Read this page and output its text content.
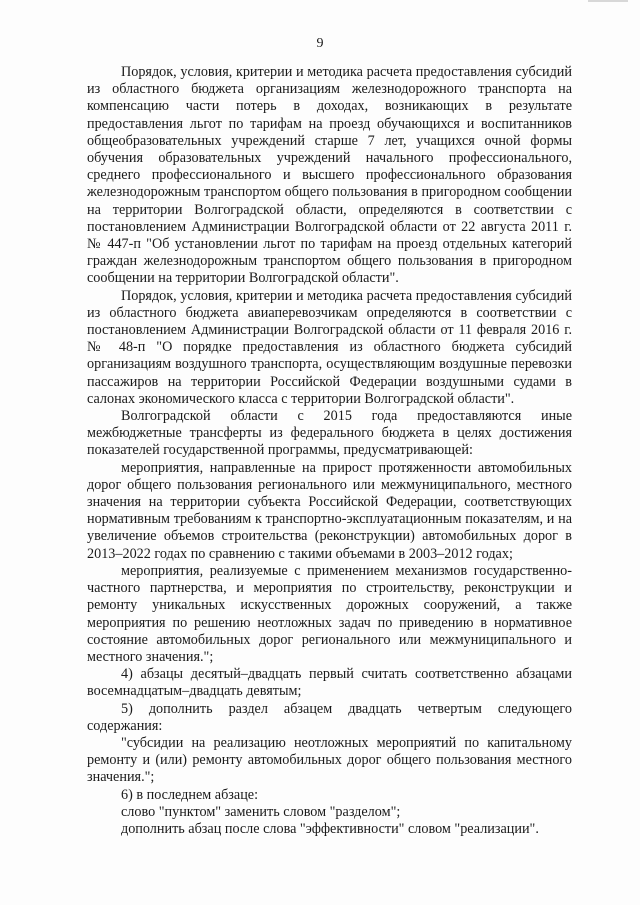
9

Порядок, условия, критерии и методика расчета предоставления субсидий из областного бюджета организациям железнодорожного транспорта на компенсацию части потерь в доходах, возникающих в результате предоставления льгот по тарифам на проезд обучающихся и воспитанников общеобразовательных учреждений старше 7 лет, учащихся очной формы обучения образовательных учреждений начального профессионального, среднего профессионального и высшего профессионального образования железнодорожным транспортом общего пользования в пригородном сообщении на территории Волгоградской области, определяются в соответствии с постановлением Администрации Волгоградской области от 22 августа 2011 г. № 447-п "Об установлении льгот по тарифам на проезд отдельных категорий граждан железнодорожным транспортом общего пользования в пригородном сообщении на территории Волгоградской области".

Порядок, условия, критерии и методика расчета предоставления субсидий из областного бюджета авиаперевозчикам определяются в соответствии с постановлением Администрации Волгоградской области от 11 февраля 2016 г. № 48-п "О порядке предоставления из областного бюджета субсидий организациям воздушного транспорта, осуществляющим воздушные перевозки пассажиров на территории Российской Федерации воздушными судами в салонах экономического класса с территории Волгоградской области".

Волгоградской области с 2015 года предоставляются иные межбюджетные трансферты из федерального бюджета в целях достижения показателей государственной программы, предусматривающей:

мероприятия, направленные на прирост протяженности автомобильных дорог общего пользования регионального или межмуниципального, местного значения на территории субъекта Российской Федерации, соответствующих нормативным требованиям к транспортно-эксплуатационным показателям, и на увеличение объемов строительства (реконструкции) автомобильных дорог в 2013–2022 годах по сравнению с такими объемами в 2003–2012 годах;

мероприятия, реализуемые с применением механизмов государственно-частного партнерства, и мероприятия по строительству, реконструкции и ремонту уникальных искусственных дорожных сооружений, а также мероприятия по решению неотложных задач по приведению в нормативное состояние автомобильных дорог регионального или межмуниципального и местного значения.";

4) абзацы десятый–двадцать первый считать соответственно абзацами восемнадцатым–двадцать девятым;

5) дополнить раздел абзацем двадцать четвертым следующего содержания:

"субсидии на реализацию неотложных мероприятий по капитальному ремонту и (или) ремонту автомобильных дорог общего пользования местного значения.";

6) в последнем абзаце:

слово "пунктом" заменить словом "разделом";

дополнить абзац после слова "эффективности" словом "реализации".
